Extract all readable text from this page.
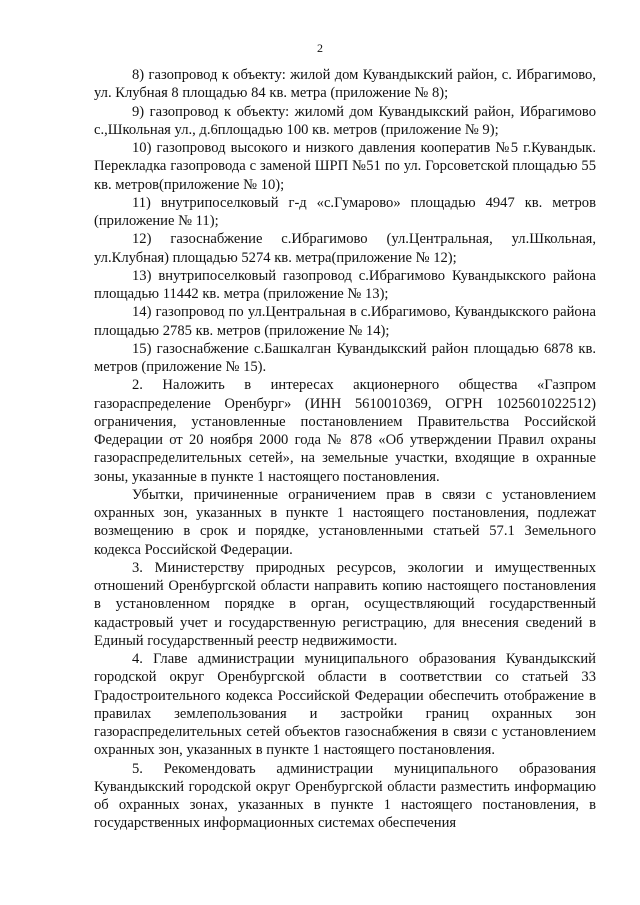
2

8) газопровод к объекту: жилой дом Кувандыкский район, с. Ибрагимово, ул. Клубная 8 площадью 84 кв. метра (приложение № 8);

9) газопровод к объекту: жиломй дом Кувандыкский район, Ибрагимово с.,Школьная ул., д.6площадью 100 кв. метров (приложение № 9);

10) газопровод высокого и низкого давления кооператив №5 г.Кувандык. Перекладка газопровода с заменой ШРП №51 по ул. Горсоветской площадью 55 кв. метров(приложение № 10);

11) внутрипоселковый г-д «с.Гумарово» площадью 4947 кв. метров (приложение № 11);

12) газоснабжение с.Ибрагимово (ул.Центральная, ул.Школьная, ул.Клубная) площадью 5274 кв. метра(приложение № 12);

13) внутрипоселковый газопровод с.Ибрагимово Кувандыкского района площадью 11442 кв. метра (приложение № 13);

14) газопровод по ул.Центральная в с.Ибрагимово, Кувандыкского района площадью 2785 кв. метров (приложение № 14);

15) газоснабжение с.Башкалган Кувандыкский район площадью 6878 кв. метров (приложение № 15).

2. Наложить в интересах акционерного общества «Газпром газораспределение Оренбург» (ИНН 5610010369, ОГРН 1025601022512) ограничения, установленные постановлением Правительства Российской Федерации от 20 ноября 2000 года № 878 «Об утверждении Правил охраны газораспределительных сетей», на земельные участки, входящие в охранные зоны, указанные в пункте 1 настоящего постановления.

Убытки, причиненные ограничением прав в связи с установлением охранных зон, указанных в пункте 1 настоящего постановления, подлежат возмещению в срок и порядке, установленными статьей 57.1 Земельного кодекса Российской Федерации.

3. Министерству природных ресурсов, экологии и имущественных отношений Оренбургской области направить копию настоящего постановления в установленном порядке в орган, осуществляющий государственный кадастровый учет и государственную регистрацию, для внесения сведений в Единый государственный реестр недвижимости.

4. Главе администрации муниципального образования Кувандыкский городской округ Оренбургской области в соответствии со статьей 33 Градостроительного кодекса Российской Федерации обеспечить отображение в правилах землепользования и застройки границ охранных зон газораспределительных сетей объектов газоснабжения в связи с установлением охранных зон, указанных в пункте 1 настоящего постановления.

5. Рекомендовать администрации муниципального образования Кувандыкский городской округ Оренбургской области разместить информацию об охранных зонах, указанных в пункте 1 настоящего постановления, в государственных информационных системах обеспечения
